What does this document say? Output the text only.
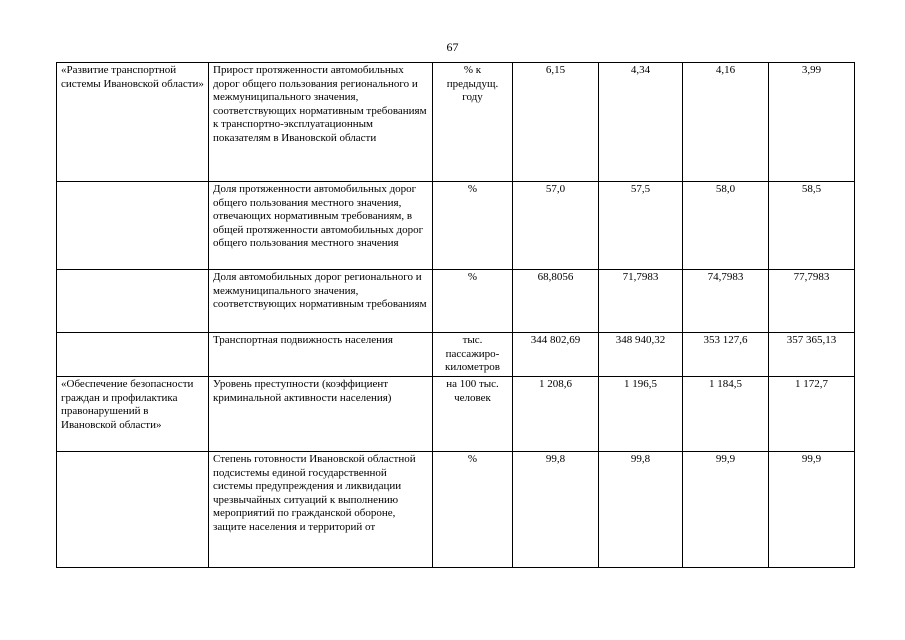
67
«Развитие транспортной системы Ивановской области»	Прирост протяженности автомобильных дорог общего пользования регионального и межмуниципального значения, соответствующих нормативным требованиям к транспортно-эксплуатационным показателям в Ивановской области	% к предыдущ. году	6,15	4,34	4,16	3,99
	Доля протяженности автомобильных дорог общего пользования местного значения, отвечающих нормативным требованиям, в общей протяженности автомобильных дорог общего пользования местного значения	%	57,0	57,5	58,0	58,5
	Доля автомобильных дорог регионального и межмуниципального значения, соответствующих нормативным требованиям	%	68,8056	71,7983	74,7983	77,7983
	Транспортная подвижность населения	тыс. пассажиро-километров	344 802,69	348 940,32	353 127,6	357 365,13
«Обеспечение безопасности граждан и профилактика правонарушений в Ивановской области»	Уровень преступности (коэффициент криминальной активности населения)	на 100 тыс. человек	1 208,6	1 196,5	1 184,5	1 172,7
	Степень готовности Ивановской областной подсистемы единой государственной системы предупреждения и ликвидации чрезвычайных ситуаций к выполнению мероприятий по гражданской обороне, защите населения и территорий от	%	99,8	99,8	99,9	99,9
